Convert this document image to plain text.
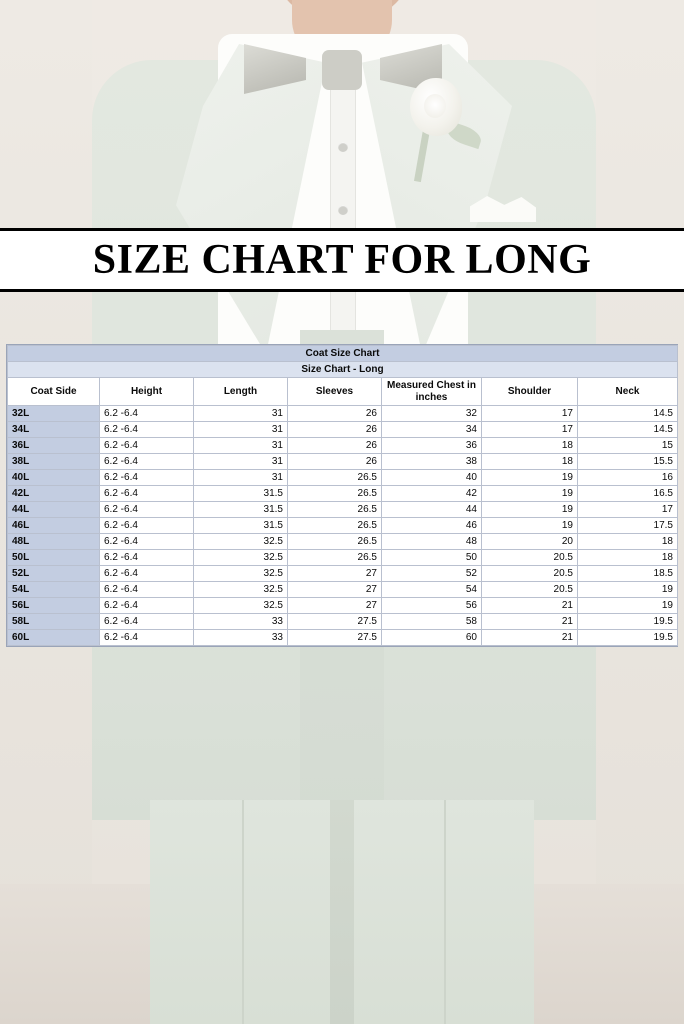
SIZE CHART FOR LONG
Coat Size Chart						
Size Chart - Long						
Coat Side	Height	Length	Sleeves	Measured Chest in inches	Shoulder	Neck
32L	6.2 -6.4	31	26	32	17	14.5
34L	6.2 -6.4	31	26	34	17	14.5
36L	6.2 -6.4	31	26	36	18	15
38L	6.2 -6.4	31	26	38	18	15.5
40L	6.2 -6.4	31	26.5	40	19	16
42L	6.2 -6.4	31.5	26.5	42	19	16.5
44L	6.2 -6.4	31.5	26.5	44	19	17
46L	6.2 -6.4	31.5	26.5	46	19	17.5
48L	6.2 -6.4	32.5	26.5	48	20	18
50L	6.2 -6.4	32.5	26.5	50	20.5	18
52L	6.2 -6.4	32.5	27	52	20.5	18.5
54L	6.2 -6.4	32.5	27	54	20.5	19
56L	6.2 -6.4	32.5	27	56	21	19
58L	6.2 -6.4	33	27.5	58	21	19.5
60L	6.2 -6.4	33	27.5	60	21	19.5
